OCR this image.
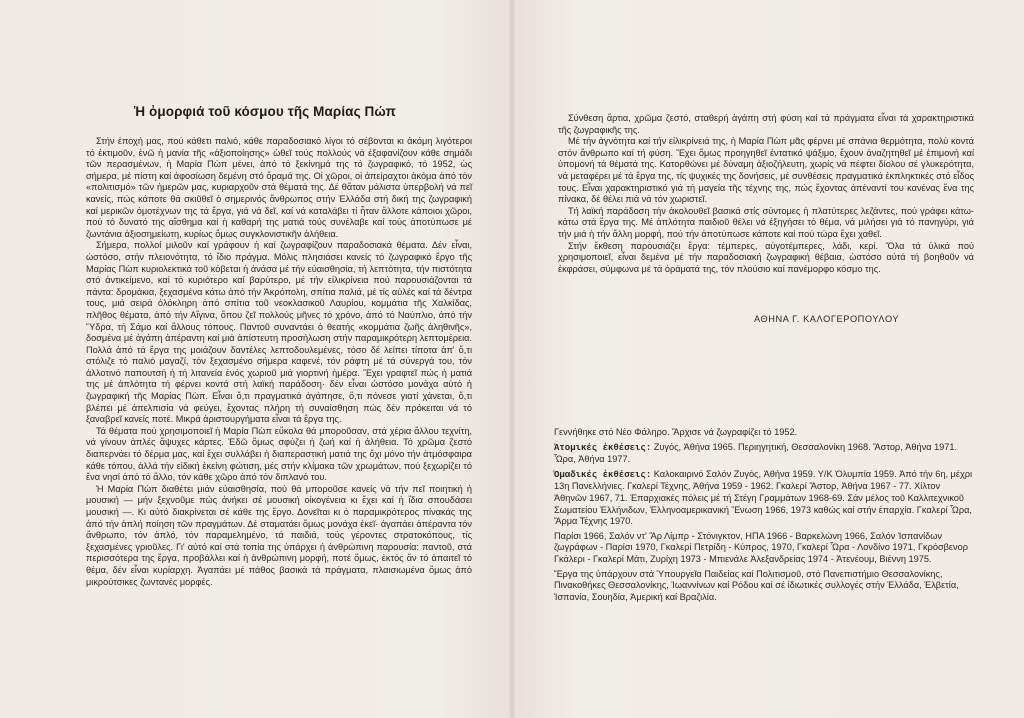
Ἡ ὀμορφιά τοῦ κόσμου τῆς Μαρίας Πώπ

Στήν ἐποχή μας, πού κάθετι παλιό, κάθε παραδοσιακό λίγοι τό σέβονται κι ἀκόμη λιγότεροι τό ἐκτιμοῦν, ἐνῶ ἡ μανία τῆς «ἀξιοποίησης» ὠθεῖ τούς πολλούς νά ἐξαφανίζουν κάθε σημάδι τῶν περασμένων, ἡ Μαρία Πὼπ μένει, ἀπό τό ξεκίνημά της τό ζωγραφικό, τό 1952, ὡς σήμερα, μέ πίστη καί ἀφοσίωση δεμένη στό ὅραμά της. Οἱ χῶροι, οἱ ἀπείραχτοι ἀκόμα ἀπό τόν «πολιτισμό» τῶν ἡμερῶν μας, κυριαρχοῦν στά θέματά της. Δέ θἄταν μάλιστα ὑπερβολή νά πεῖ κανείς, πώς κάποτε θά σκιῦθεῖ ὁ σημερινός ἄνθρωπος στήν Ἑλλάδα στή δική της ζωγραφική καί μερικῶν ὁμοτέχνων της τά ἔργα, γιά νά δεῖ, καί νά καταλάβει τί ἦταν ἄλλοτε κάποιοι χῶροι, πού τό δυνατό της αἴσθημα καί ἡ καθαρή της ματιά τούς συνέλαβε καί τούς ἀποτύπωσε μέ ζωντάνια ἀξιοσημείωτη, κυρίως ὅμως συγκλονιστικῆν ἀλήθεια.

Σήμερα, πολλοί μιλοῦν καί γράφουν ἡ καί ζωγραφίζουν παραδοσιακά θέματα. Δέν εἶναι, ὡστόσο, στήν πλειονότητα, τό ἴδιο πράγμα. Μόλις πλησιάσει κανείς τό ζωγραφικό ἔργο τῆς Μαρίας Πὼπ κυριολεκτικά τοῦ κόβεται ἡ ἀνάσα μέ τήν εὐαισθησία, τή λεπτότητα, τήν πιστότητα στό ἀντικείμενο, καί τό κυριότερο καί βαρύτερο, μέ τήν εἰλικρίνεια πού παρουσιάζονται τά πάντα: δρομάκια, ξεχασμένα κάτω ἀπό τήν Ἀκρόπολη, σπίτια παλιά, μέ τίς αὐλές καί τά δέντρα τους, μιά σειρά ὁλόκληρη ἀπό σπίτια τοῦ νεοκλασικοῦ Λαυρίου, κομμάτια τῆς Χαλκίδας, πλῆθος θέματα, ἀπό τήν Αἴγινα, ὅπου ζεῖ πολλούς μῆνες τό χρόνο, ἀπό τό Ναύπλιο, ἀπό τήν Ὕδρα, τή Σάμο καί ἄλλους τόπους. Παντοῦ συναντάει ὁ θεατής «κομμάτια ζωῆς ἀληθινῆς», δοσμένα μέ ἀγάπη ἀπέραντη καί μιά ἀπίστευτη προσήλωση στήν παραμικρότερη λεπτομέρεια. Πολλά ἀπό τά ἔργα της μοιάζουν δαντέλες λεπτοδουλεμένες, τόσο δέ λείπει τίποτα ἀπ' ὅ,τι στόλιζε τό παλιό μαγαζί, τόν ξεχασμένο σήμερα καφενέ, τόν ράφτη μέ τά σύνεργά του, τόν ἀλλοτινό παπουτσή ἡ τή λιτανεία ἑνός χωριοῦ μιά γιορτινή ἡμέρα. Ἔχει γραφτεῖ πώς ἡ ματιά της μέ ἁπλότητα τή φέρνει κοντά στή λαϊκή παράδοση· δέν εἶναι ὡστόσο μονάχα αὐτό ἡ ζωγραφική τῆς Μαρίας Πὼπ. Εἶναι ὅ,τι πραγματικά ἀγάπησε, ὅ,τι πόνεσε γιατί χάνεται, ὅ,τι βλέπει μέ ἀπελπισία νά φεύγει, ἔχοντας πλήρη τή συναίσθηση πώς δέν πρόκειται νά τό ξαναβρεῖ κανείς ποτέ. Μικρά ἀριστουργήματα εἶναι τά ἔργα της.

Τά θέματα πού χρησιμοποιεῖ ἡ Μαρία Πὼπ εὔκολα θά μποροῦσαν, στά χέρια ἄλλου τεχνίτη, νά γίνουν ἁπλές ἄψυχες κάρτες. Ἐδῶ ὅμως σφύζει ἡ ζωή καί ἡ ἀλήθεια. Τό χρῶμα ζεστό διαπερνάει τό δέρμα μας, καί ἔχει συλλάβει ἡ διαπεραστική ματιά της ὄχι μόνο τήν ἀτμόσφαιρα κάθε τόπου, ἀλλά τήν εἰδική ἐκείνη φώτιση, μές στήν κλίμακα τῶν χρωμάτων, πού ξεχωρίζει τό ἕνα νησί ἀπό τό ἄλλο, τόν κάθε χῶρο ἀπό τόν διπλανό του.

Ἡ Μαρία Πὼπ διαθέτει μιάν εὐαισθησία, πού θά μποροῦσε κανείς νά τήν πεῖ ποιητική ἡ μουσική — μήν ξεχνοῦμε πώς ἀνήκει σέ μουσική οἰκογένεια κι ἔχει καί ἡ ἴδια σπουδάσει μουσική —. Κι αὐτό διακρίνεται σέ κάθε της ἔργο. Δονεῖται κι ὁ παραμικρότερος πίνακάς της ἀπό τήν ἁπλή ποίηση τῶν πραγμάτων. Δέ σταματάει ὅμως μονάχα ἐκεῖ· ἀγαπάει ἀπέραντα τόν ἄνθρωπο, τόν ἁπλό, τόν παραμελημένο, τά παιδιά, τούς γέροντες στρατοκόπους, τίς ξεχασμένες γριοῦλες. Γι' αὐτό καί στά τοπία της ὑπάρχει ἡ ἀνθρώπινη παρουσία: παντοῦ, στά περισσότερα της ἔργα, προβάλλει καί ἡ ἀνθρώπινη μορφή, ποτέ ὅμως, ἐκτός ἄν τό ἀπαιτεῖ τό θέμα, δέν εἶναι κυρίαρχη. Ἀγαπάει μέ πάθος βασικά τά πράγματα, πλαισιωμένα ὅμως ἀπό μικρούτσικες ζωντανές μορφές.

Σύνθεση ἄρτια, χρῶμα ζεστό, σταθερή ἀγάπη στή φύση καί τά πράγματα εἶναι τά χαρακτηριστικά τῆς ζωγραφικῆς της.

Μέ τήν ἀγνότητα καί τήν εἰλικρίνειά της, ἡ Μαρία Πὼπ μᾶς φέρνει μέ σπάνια θερμότητα, πολύ κοντά στόν ἄνθρωπο καί τή φύση. Ἔχει ὅμως προηγηθεῖ ἐντατικό ψάξιμο, ἔχουν ἀναζητηθεῖ μέ ἐπιμονή καί ὑπομονή τά θέματά της. Κατορθώνει μέ δύναμη ἀξιοζήλευτη, χωρίς νά πέφτει δίολου σέ γλυκερότητα, νά μεταφέρει μέ τά ἔργα της, τίς ψυχικές της δονήσεις, μέ συνθέσεις πραγματικά ἐκπληκτικές στό εἶδος τους. Εἶναι χαρακτηριστικό γιά τή μαγεία τῆς τέχνης της, πώς ἔχοντας ἀπέναντί του κανένας ἕνα της πίνακα, δέ θέλει πιά νά τόν χωριστεῖ.

Τή λαϊκή παράδοση τήν ἀκολουθεῖ βασικά στίς σύντομες ἡ πλατύτερες λεζάντες, πού γράφει κάτω-κάτω στά ἔργα της. Μέ ἁπλότητα παιδιοῦ θέλει νά ἐξηγήσει τό θέμα, νά μιλήσει γιά τό πανηγύρι, γιά τήν μιά ἡ τήν ἄλλη μορφή, πού τήν ἀποτύπωσε κάποτε καί πού τώρα ἔχει χαθεῖ.

Στήν ἔκθεση παρουσιάζει ἔργα: τέμπερες, αὐγοτέμπερες, λάδι, κερί. Ὅλα τά ὑλικά πού χρησιμοποιεῖ, εἶναι δεμένα μέ τήν παραδοσιακή ζωγραφική θέβαια, ὡστόσο αὐτά τή βοηθοῦν νά ἐκφράσει, σύμφωνα μέ τά ὁράματά της, τόν πλούσιο καί πανέμορφο κόσμο της.

ΑΘΗΝΑ Γ. ΚΑΛΟΓΕΡΟΠΟΥΛΟΥ

Γεννήθηκε στό Νέο Φάληρο. Ἄρχισε νά ζωγραφίζει τό 1952.

Ἀτομικές ἐκθέσεις: Ζυγός, Ἀθήνα 1965. Περιηγητική, Θεσσαλονίκη 1968. Ἄστορ, Ἀθήνα 1971. Ὦρα, Ἀθήνα 1977.

Ὁμαδικές ἐκθέσεις: Καλοκαιρινό Σαλόν Ζυγός, Ἀθήνα 1959. Υ/Κ Ὀλυμπία 1959. Ἀπό τήν 6η, μέχρι 13η Πανελλήνιες. Γκαλερί Τέχνης, Ἀθήνα 1959 - 1962. Γκαλερί Ἄστορ, Ἀθήνα 1967 - 77. Χίλτον Ἀθηνῶν 1967, 71. Ἐπαρχιακές πόλεις μέ τή Στέγη Γραμμάτων 1968-69. Σάν μέλος τοῦ Καλλιτεχνικοῦ Σωματείου Ἑλλήνιδων, Ἑλληνοαμερικανική Ἕνωση 1966, 1973 καθώς καί στήν ἐπαρχία. Γκαλερί Ὦρα, Ἄρμα Τέχνης 1970.

Παρίσι 1966, Σαλόν ντ' Ἄρ Λίμπρ - Στόνιγκτον, ΗΠΑ 1966 - Βαρκελώνη 1966, Σαλόν Ἰσπανίδων ζωγράφων - Παρίσι 1970, Γκαλερί Πετρίδη - Κύπρος, 1970, Γκαλερί Ὦρα - Λονδίνο 1971, Γκρόσβενορ Γκάλερι - Γκαλερί Μάτι, Ζυρίχη 1973 - Μπιενάλε Ἀλεξανδρείας 1974 - Ἀτενέουμ, Βιέννη 1975.

Ἔργα της ὑπάρχουν στά Ὑπουργεῖα Παιδείας καί Πολιτισμοῦ, στό Πανεπιστήμιο Θεσσαλονίκης, Πινακοθήκες Θεσσαλονίκης, Ἰωαννίνων καί Ρόδου καί σέ ἰδιωτικές συλλογές στήν Ἑλλάδα, Ἑλβετία, Ἰσπανία, Σουηδία, Ἀμερική καί Βραζιλία.
